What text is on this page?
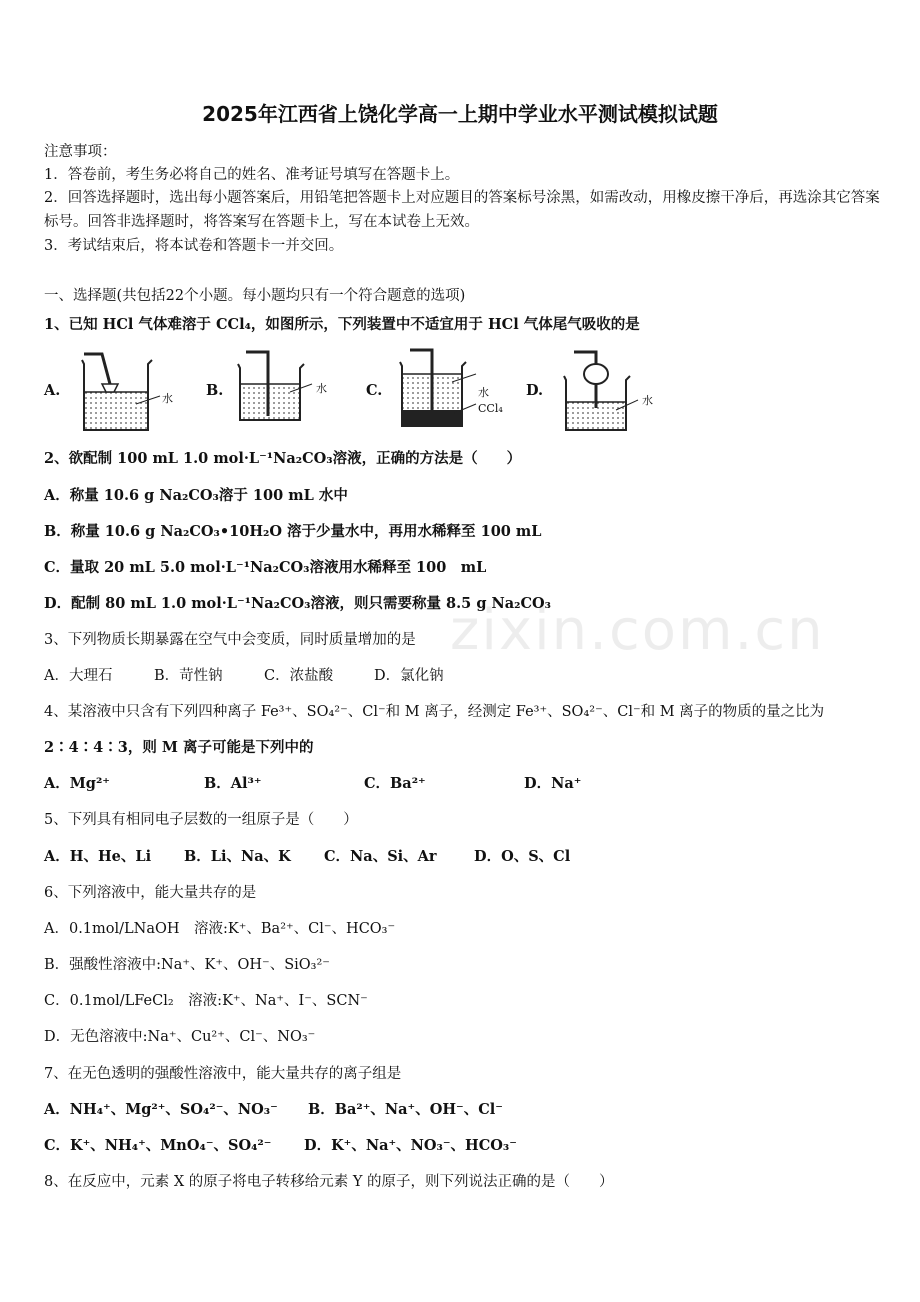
2025年江西省上饶化学高一上期中学业水平测试模拟试题
注意事项：
1．答卷前，考生务必将自己的姓名、准考证号填写在答题卡上。
2．回答选择题时，选出每小题答案后，用铅笔把答题卡上对应题目的答案标号涂黑，如需改动，用橡皮擦干净后，再选涂其它答案标号。回答非选择题时，将答案写在答题卡上，写在本试卷上无效。
3．考试结束后，将本试卷和答题卡一并交回。
一、选择题(共包括22个小题。每小题均只有一个符合题意的选项)
1、已知 HCl 气体难溶于 CCl₄，如图所示，下列装置中不适宜用于 HCl 气体尾气吸收的是
A.	水 B.	水	C.	水
CCl₄
D.
水
2、欲配制 100 mL 1.0 mol·L⁻¹Na₂CO₃溶液，正确的方法是（　　）
A．称量 10.6 g Na₂CO₃溶于 100 mL 水中
B．称量 10.6 g Na₂CO₃•10H₂O 溶于少量水中，再用水稀释至 100 mL
C．量取 20 mL 5.0 mol·L⁻¹Na₂CO₃溶液用水稀释至 100　mL
D．配制 80 mL 1.0 mol·L⁻¹Na₂CO₃溶液，则只需要称量 8.5 g Na₂CO₃
3、下列物质长期暴露在空气中会变质，同时质量增加的是
A．大理石	B．苛性钠	C．浓盐酸	D．氯化钠
4、某溶液中只含有下列四种离子 Fe³⁺、SO₄²⁻、Cl⁻和 M 离子，经测定 Fe³⁺、SO₄²⁻、Cl⁻和 M 离子的物质的量之比为
2∶4∶4∶3，则 M 离子可能是下列中的
A．Mg²⁺	B．Al³⁺	C．Ba²⁺	D．Na⁺
5、下列具有相同电子层数的一组原子是（　　）
A．H、He、Li B．Li、Na、K C．Na、Si、Ar	D．O、S、Cl
6、下列溶液中，能大量共存的是
A．0.1mol/LNaOH　溶液:K⁺、Ba²⁺、Cl⁻、HCO₃⁻
B．强酸性溶液中:Na⁺、K⁺、OH⁻、SiO₃²⁻
C．0.1mol/LFeCl₂　溶液:K⁺、Na⁺、I⁻、SCN⁻
D．无色溶液中:Na⁺、Cu²⁺、Cl⁻、NO₃⁻
7、在无色透明的强酸性溶液中，能大量共存的离子组是
A．NH₄⁺、Mg²⁺、SO₄²⁻、NO₃⁻ B．Ba²⁺、Na⁺、OH⁻、Cl⁻
C．K⁺、NH₄⁺、MnO₄⁻、SO₄²⁻ D．K⁺、Na⁺、NO₃⁻、HCO₃⁻
8、在反应中，元素 X 的原子将电子转移给元素 Y 的原子，则下列说法正确的是（　　）
zixin.com.cn
